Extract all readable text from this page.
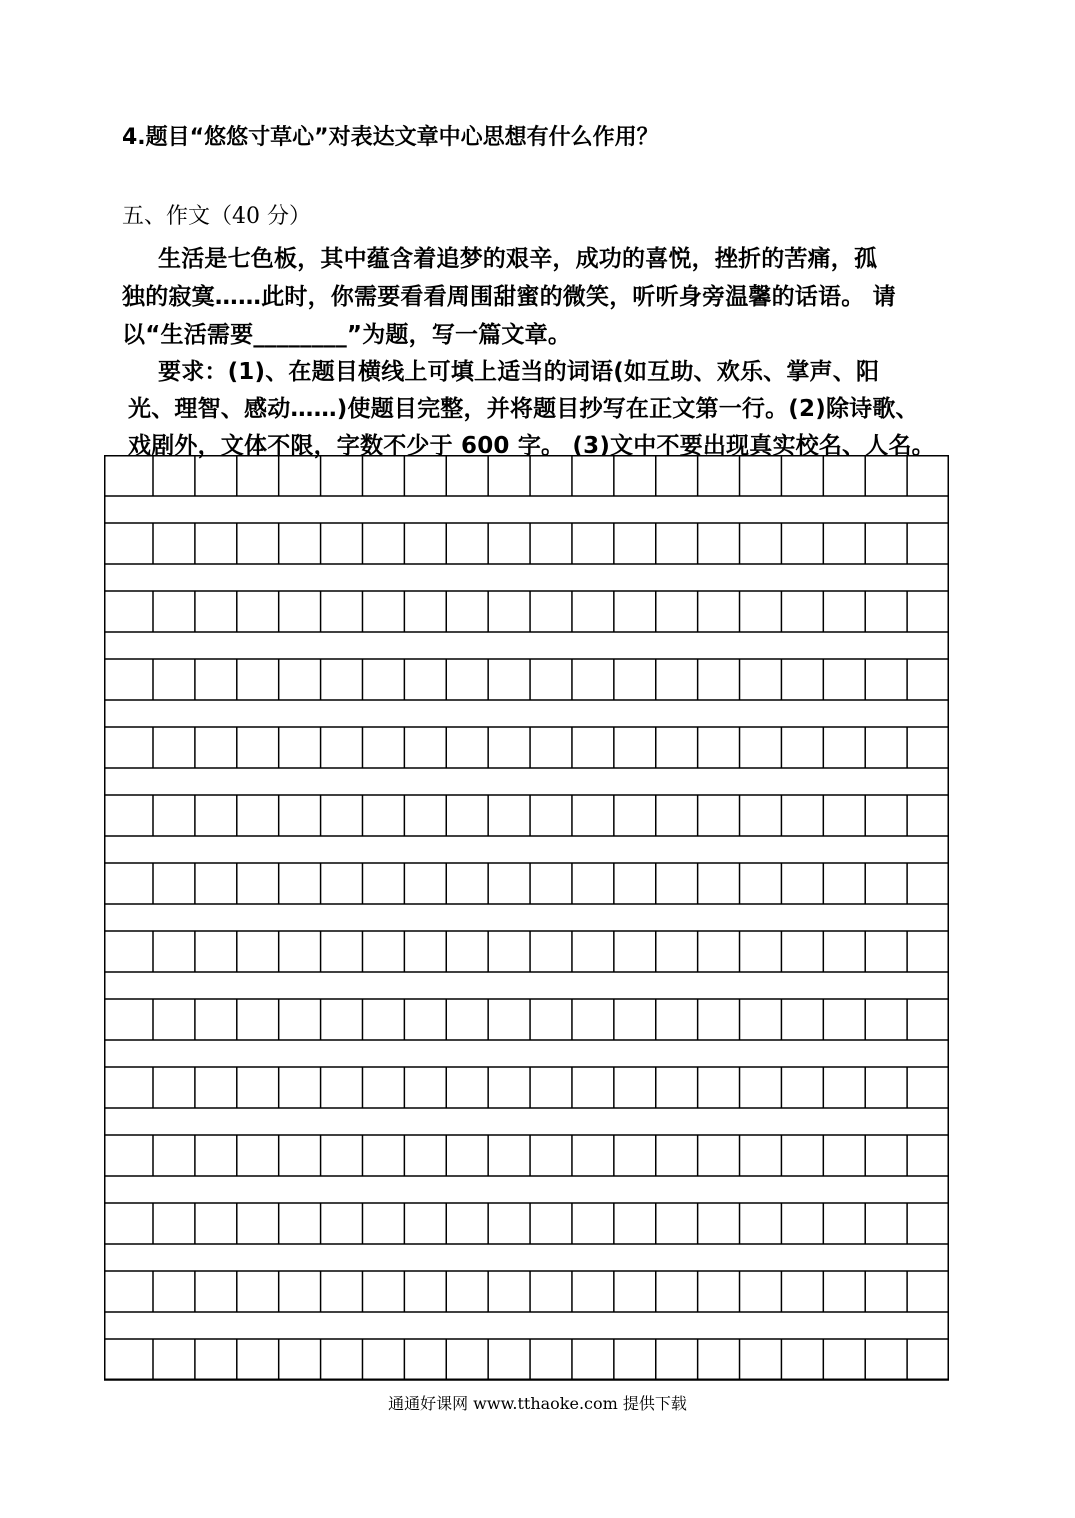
4.题目“悠悠寸草心”对表达文章中心思想有什么作用？
五、作文（40 分）
生活是七色板，其中蕴含着追梦的艰辛，成功的喜悦，挫折的苦痛，孤
独的寂寞……此时，你需要看看周围甜蜜的微笑，听听身旁温馨的话语。 请
以“生活需要________”为题，写一篇文章。
要求：(1)、在题目横线上可填上适当的词语(如互助、欢乐、掌声、阳
光、理智、感动……)使题目完整，并将题目抄写在正文第一行。(2)除诗歌、
戏剧外，文体不限，字数不少于 600 字。 (3)文中不要出现真实校名、人名。
通通好课网 www.tthaoke.com 提供下载
